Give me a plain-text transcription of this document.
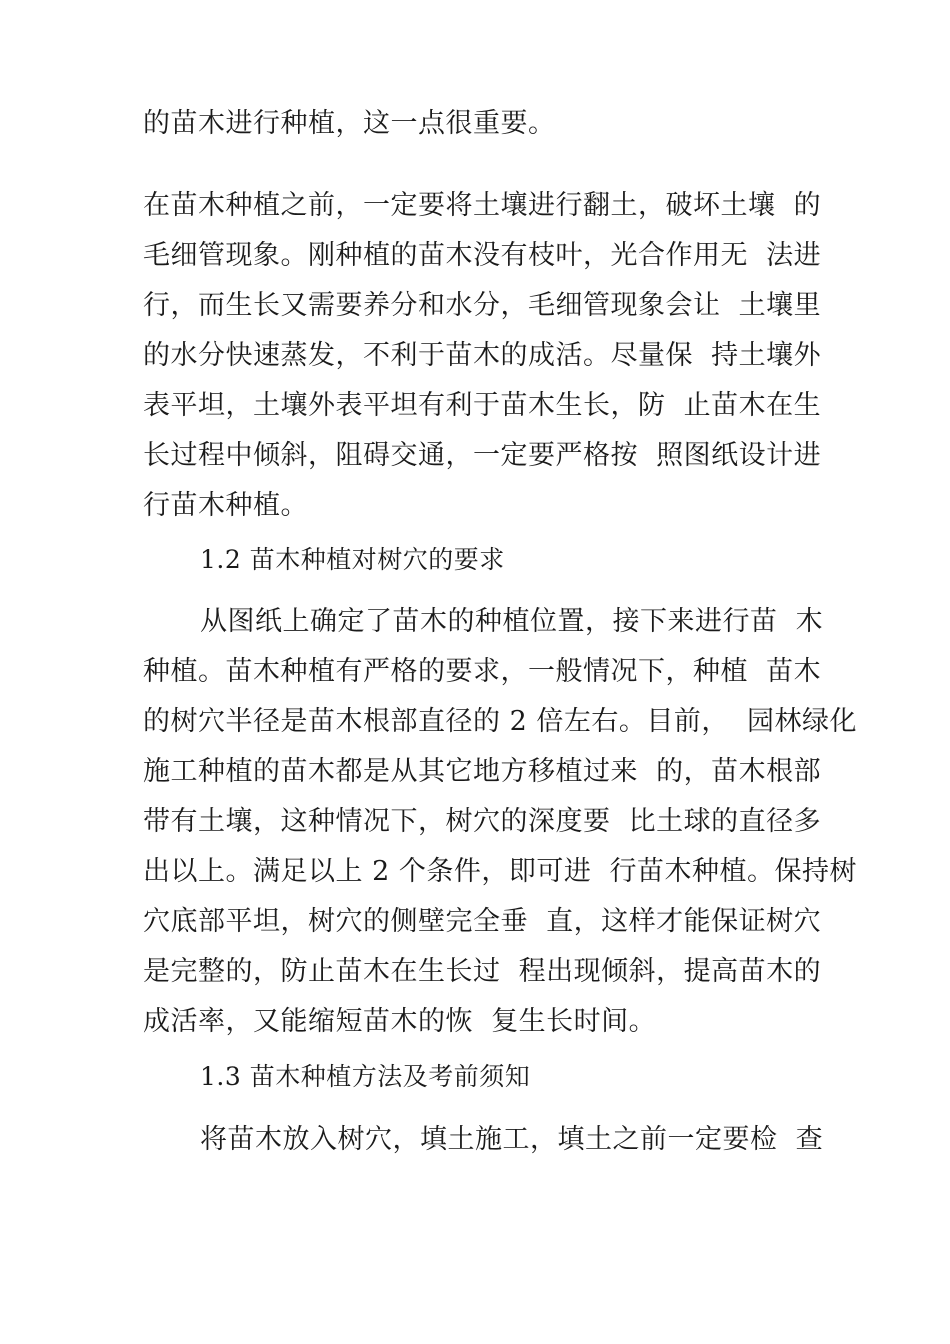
的苗木进行种植，这一点很重要。
在苗木种植之前，一定要将土壤进行翻土，破坏土壤  的
毛细管现象。刚种植的苗木没有枝叶，光合作用无  法进
行，而生长又需要养分和水分，毛细管现象会让  土壤里
的水分快速蒸发，不利于苗木的成活。尽量保  持土壤外
表平坦，土壤外表平坦有利于苗木生长，防  止苗木在生
长过程中倾斜，阻碍交通，一定要严格按  照图纸设计进
行苗木种植。
1.2 苗木种植对树穴的要求
从图纸上确定了苗木的种植位置，接下来进行苗  木
种植。苗木种植有严格的要求，一般情况下，种植  苗木
的树穴半径是苗木根部直径的 2 倍左右。目前，  园林绿化
施工种植的苗木都是从其它地方移植过来  的，苗木根部
带有土壤，这种情况下，树穴的深度要  比土球的直径多
出以上。满足以上 2 个条件，即可进  行苗木种植。保持树
穴底部平坦，树穴的侧壁完全垂  直，这样才能保证树穴
是完整的，防止苗木在生长过  程出现倾斜，提高苗木的
成活率，又能缩短苗木的恢  复生长时间。
1.3 苗木种植方法及考前须知
将苗木放入树穴，填土施工，填土之前一定要检  查
